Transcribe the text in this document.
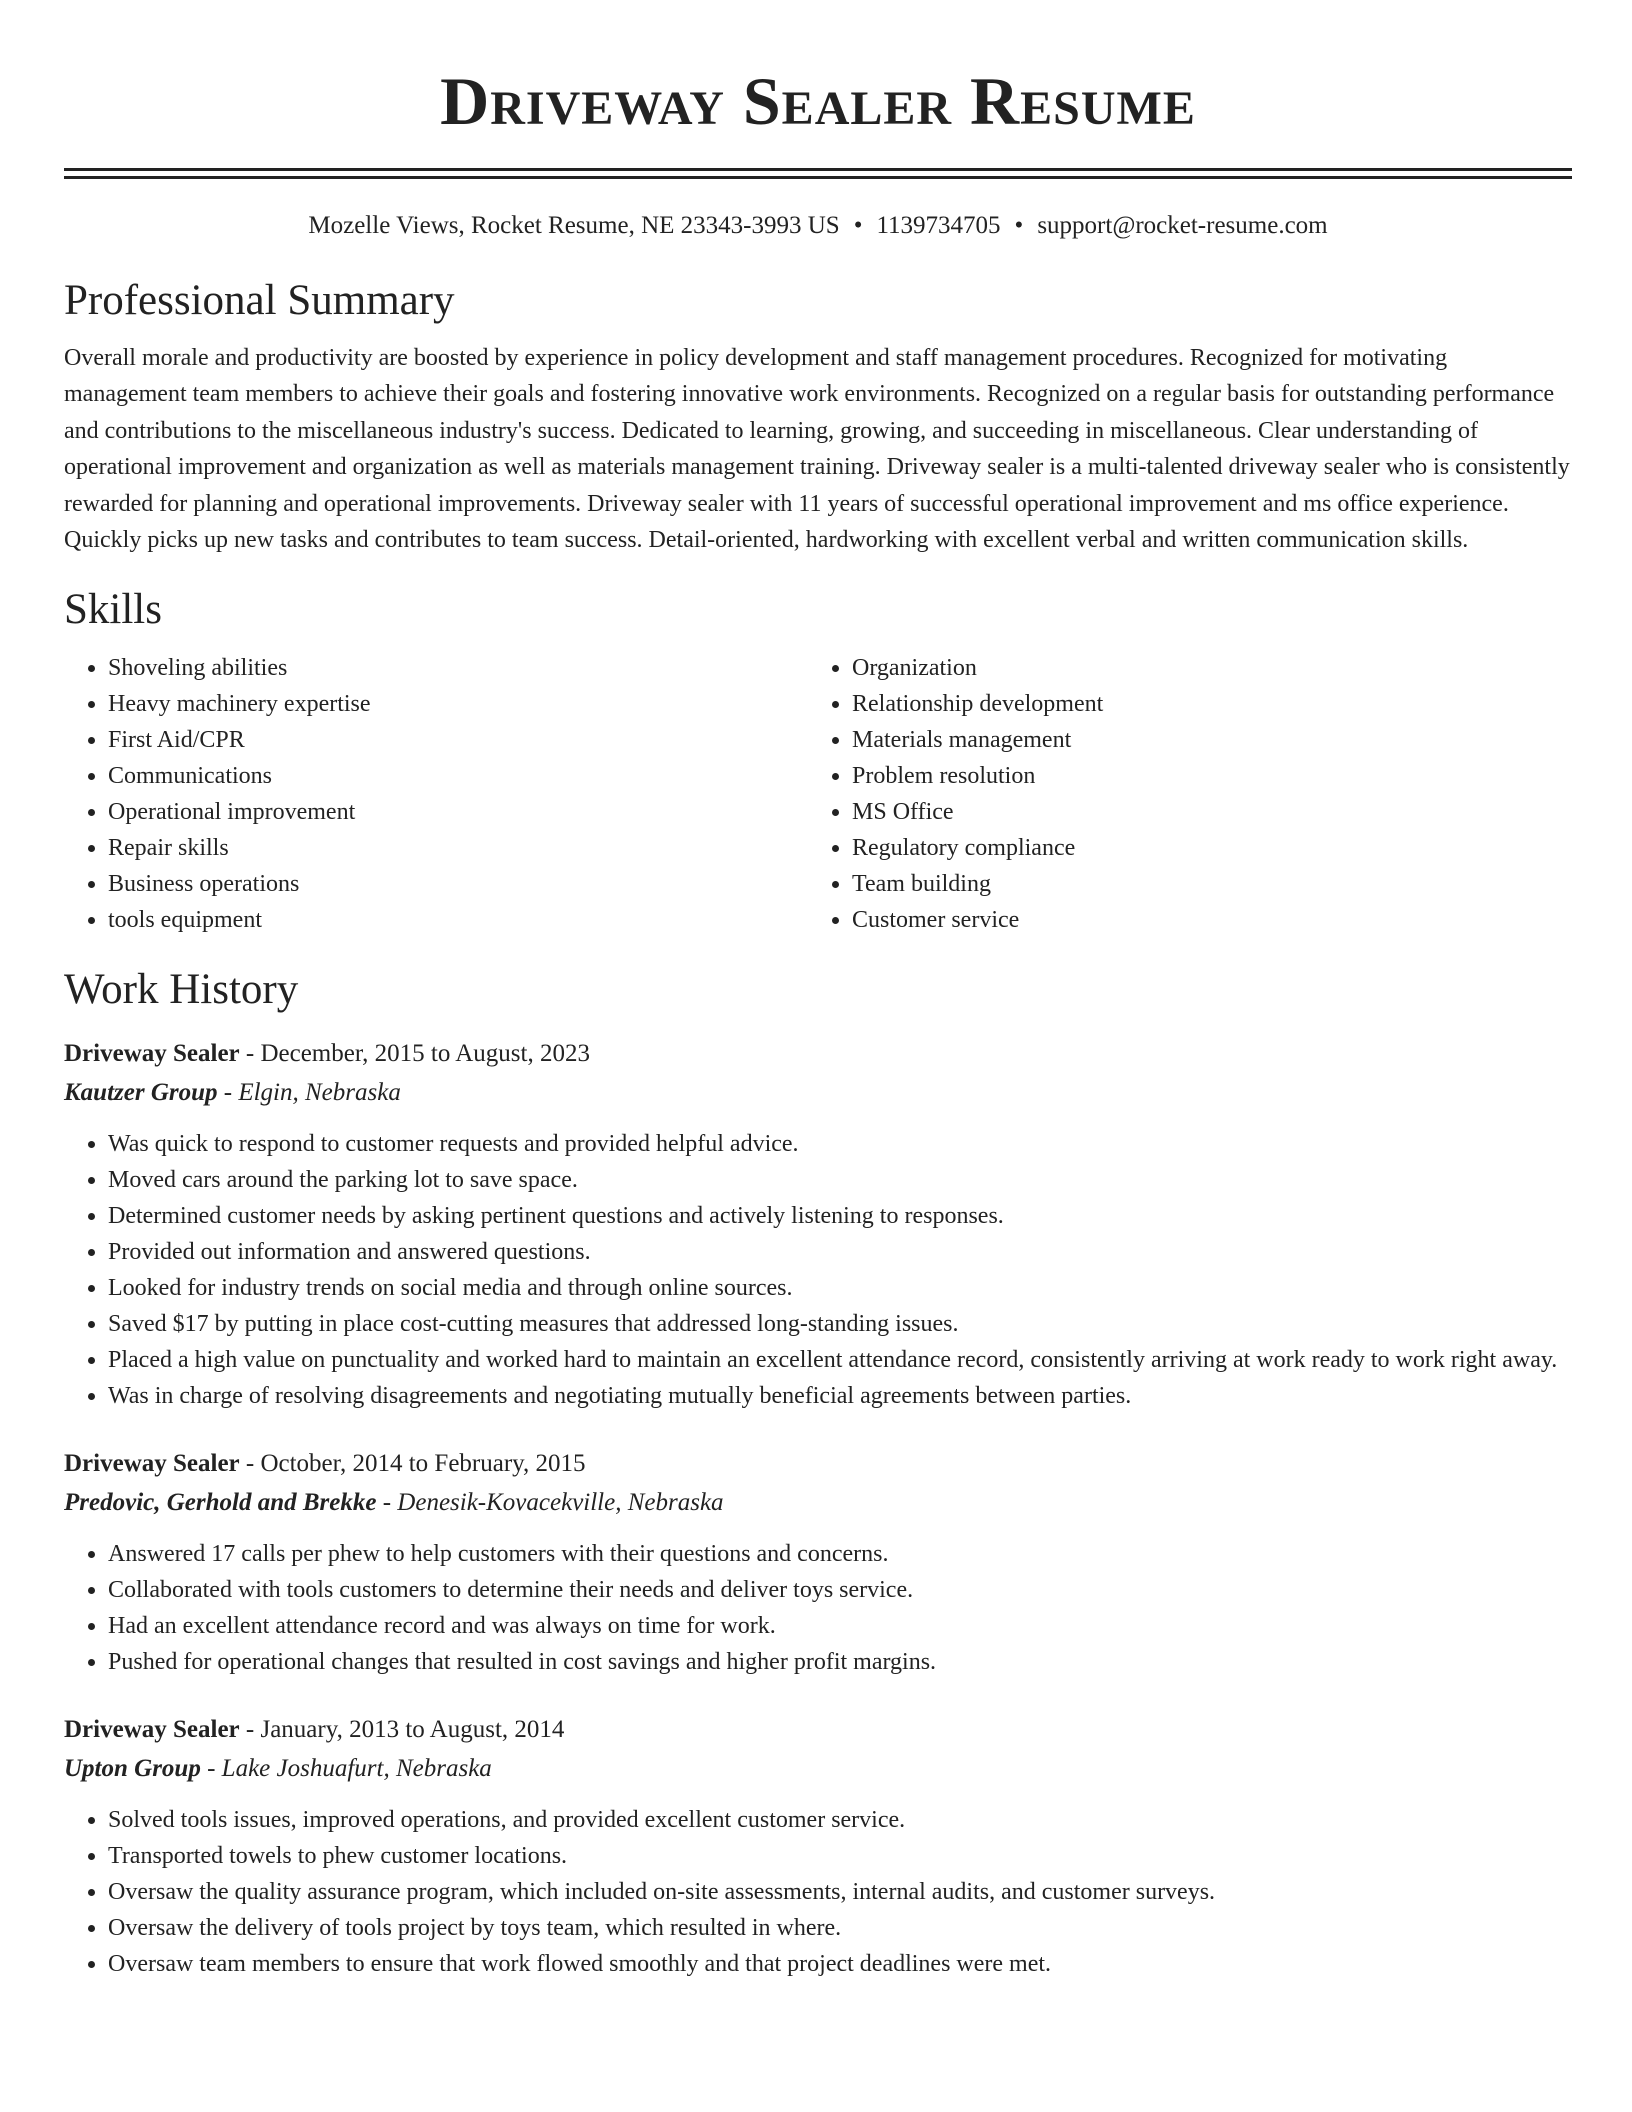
Driveway Sealer Resume
Mozelle Views, Rocket Resume, NE 23343-3993 US • 1139734705 • support@rocket-resume.com
Professional Summary

Overall morale and productivity are boosted by experience in policy development and staff management procedures. Recognized for motivating management team members to achieve their goals and fostering innovative work environments. Recognized on a regular basis for outstanding performance and contributions to the miscellaneous industry's success. Dedicated to learning, growing, and succeeding in miscellaneous. Clear understanding of operational improvement and organization as well as materials management training. Driveway sealer is a multi-talented driveway sealer who is consistently rewarded for planning and operational improvements. Driveway sealer with 11 years of successful operational improvement and ms office experience. Quickly picks up new tasks and contributes to team success. Detail-oriented, hardworking with excellent verbal and written communication skills.

Skills
• Shoveling abilities
• Heavy machinery expertise
• First Aid/CPR
• Communications
• Operational improvement
• Repair skills
• Business operations
• tools equipment
• Organization
• Relationship development
• Materials management
• Problem resolution
• MS Office
• Regulatory compliance
• Team building
• Customer service
Work History
Driveway Sealer - December, 2015 to August, 2023
Kautzer Group - Elgin, Nebraska
• Was quick to respond to customer requests and provided helpful advice.
• Moved cars around the parking lot to save space.
• Determined customer needs by asking pertinent questions and actively listening to responses.
• Provided out information and answered questions.
• Looked for industry trends on social media and through online sources.
• Saved $17 by putting in place cost-cutting measures that addressed long-standing issues.
• Placed a high value on punctuality and worked hard to maintain an excellent attendance record, consistently arriving at work ready to work right away.
• Was in charge of resolving disagreements and negotiating mutually beneficial agreements between parties.
Driveway Sealer - October, 2014 to February, 2015
Predovic, Gerhold and Brekke - Denesik-Kovacekville, Nebraska
• Answered 17 calls per phew to help customers with their questions and concerns.
• Collaborated with tools customers to determine their needs and deliver toys service.
• Had an excellent attendance record and was always on time for work.
• Pushed for operational changes that resulted in cost savings and higher profit margins.
Driveway Sealer - January, 2013 to August, 2014
Upton Group - Lake Joshuafurt, Nebraska
• Solved tools issues, improved operations, and provided excellent customer service.
• Transported towels to phew customer locations.
• Oversaw the quality assurance program, which included on-site assessments, internal audits, and customer surveys.
• Oversaw the delivery of tools project by toys team, which resulted in where.
• Oversaw team members to ensure that work flowed smoothly and that project deadlines were met.
